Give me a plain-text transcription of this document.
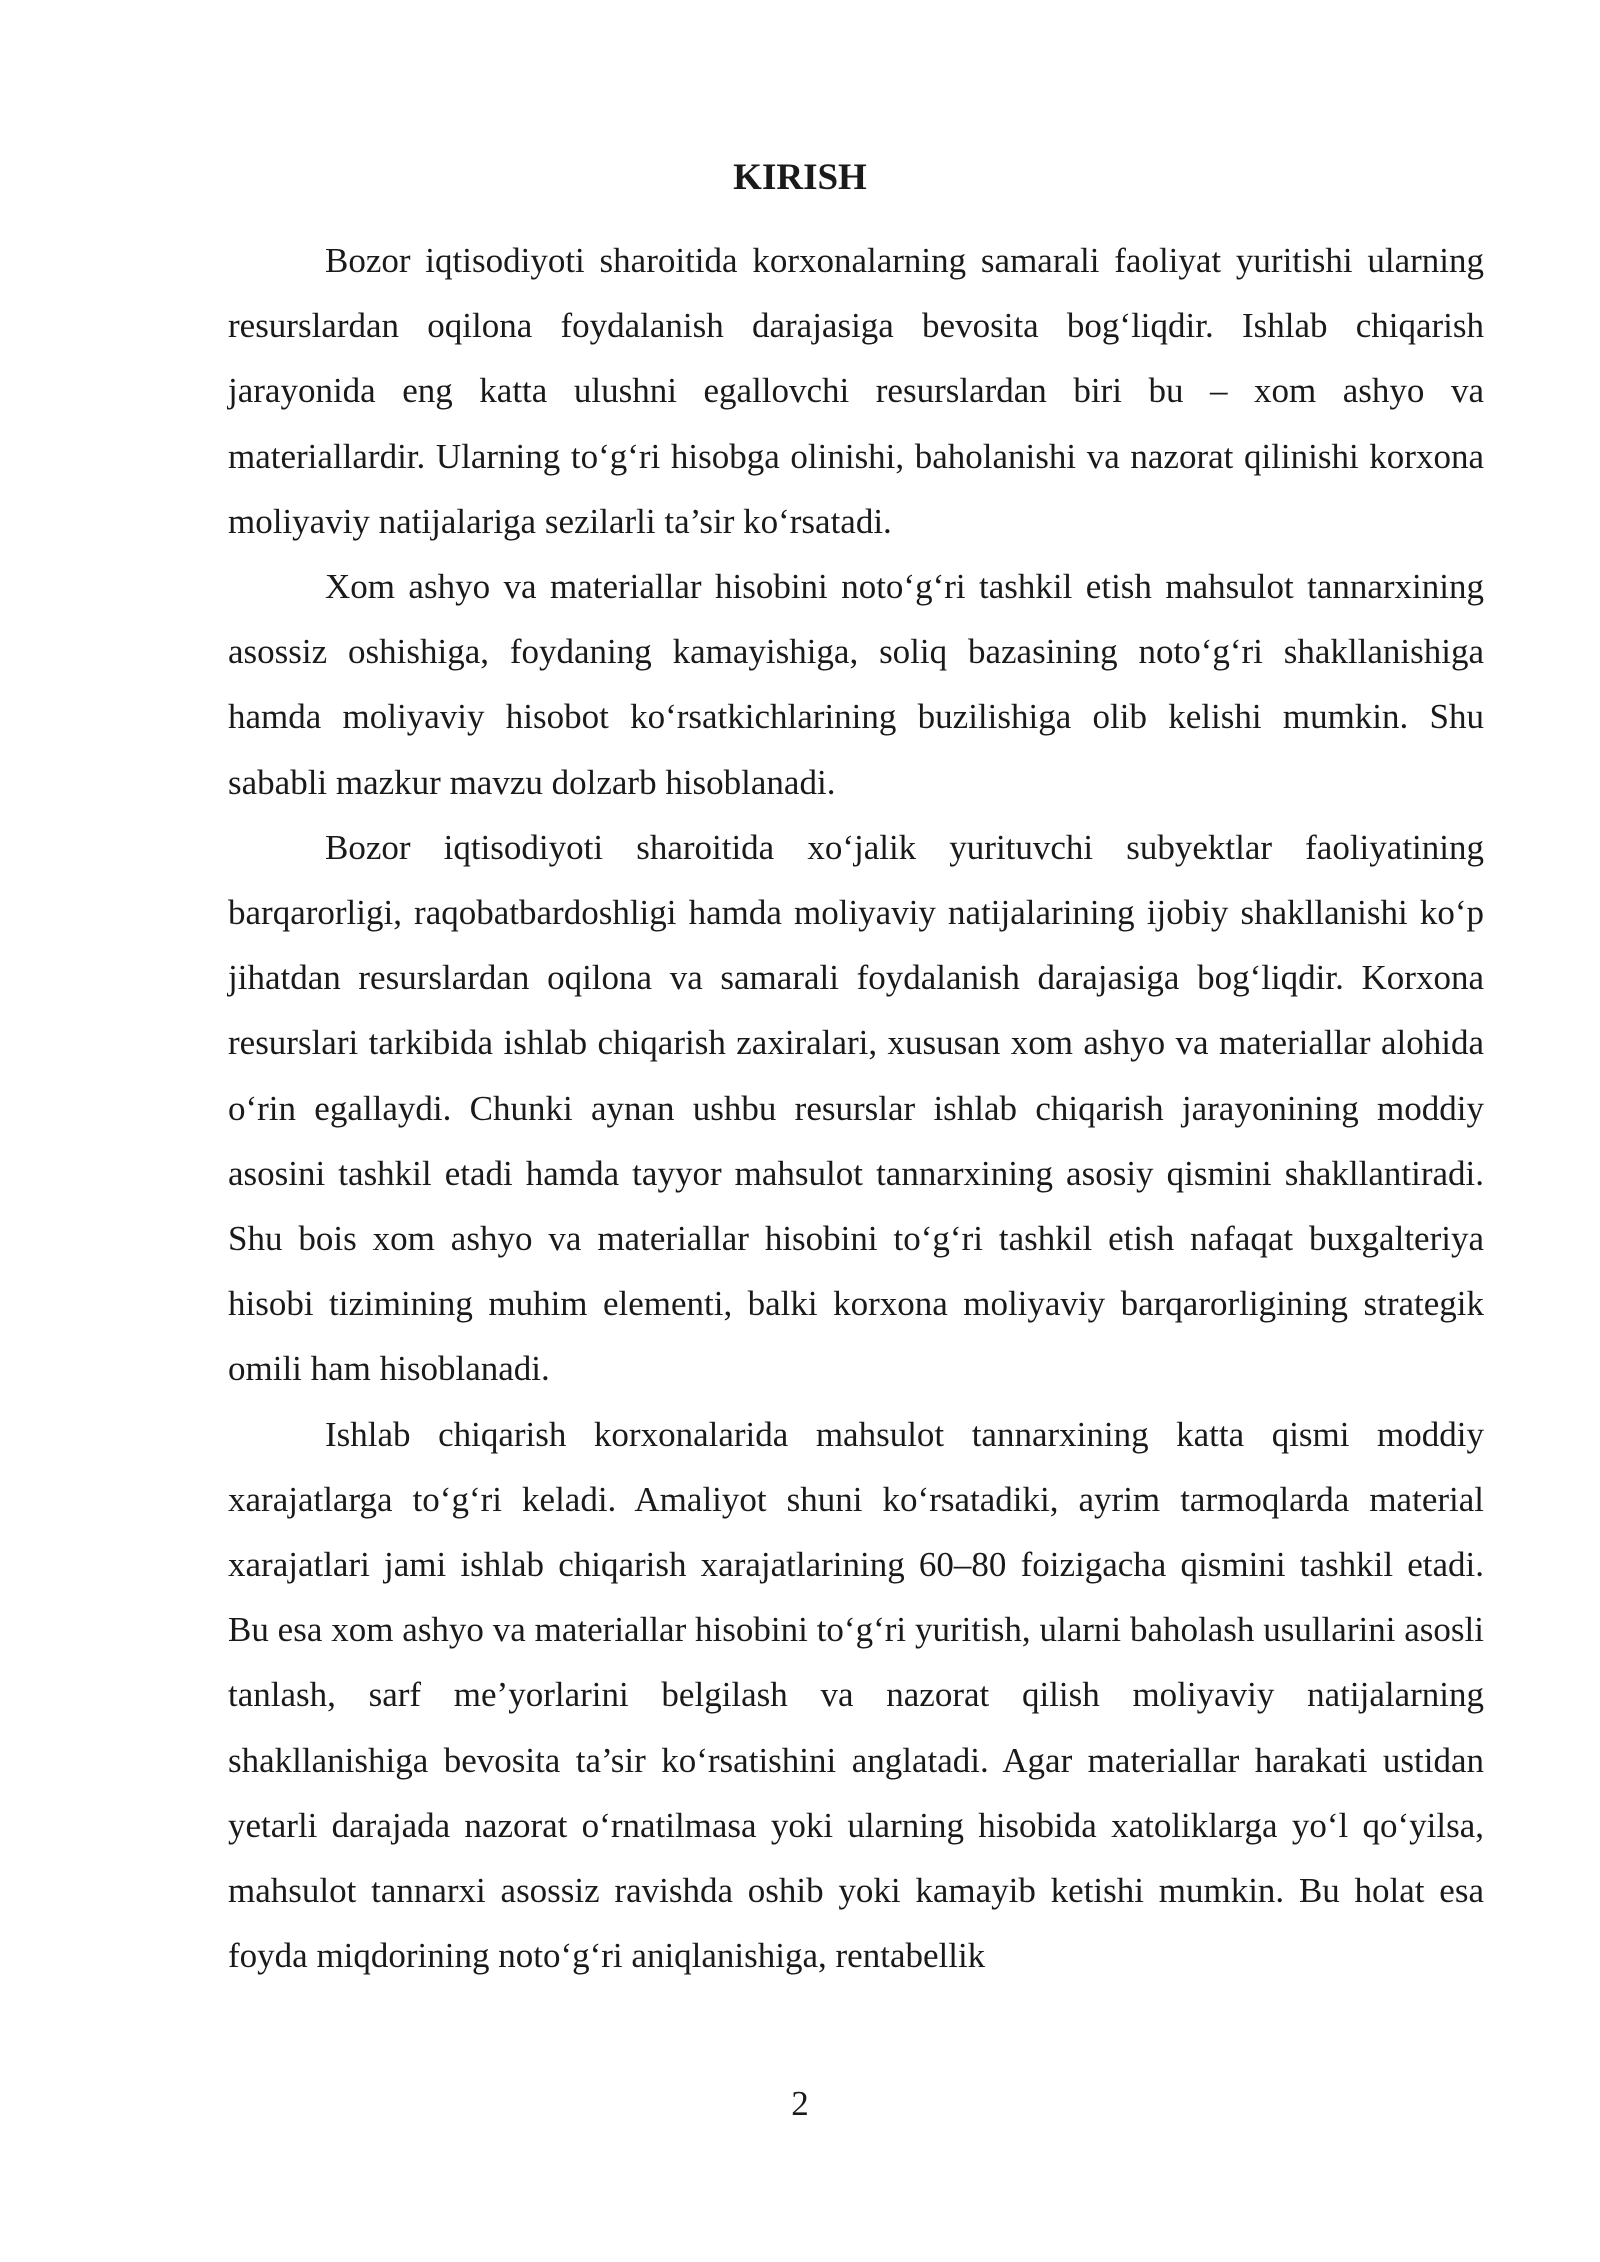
KIRISH

Bozor iqtisodiyoti sharoitida korxonalarning samarali faoliyat yuritishi ularning resurslardan oqilona foydalanish darajasiga bevosita bog‘liqdir. Ishlab chiqarish jarayonida eng katta ulushni egallovchi resurslardan biri bu – xom ashyo va materiallardir. Ularning to‘g‘ri hisobga olinishi, baholanishi va nazorat qilinishi korxona moliyaviy natijalariga sezilarli ta’sir ko‘rsatadi.

Xom ashyo va materiallar hisobini noto‘g‘ri tashkil etish mahsulot tannarxining asossiz oshishiga, foydaning kamayishiga, soliq bazasining noto‘g‘ri shakllanishiga hamda moliyaviy hisobot ko‘rsatkichlarining buzilishiga olib kelishi mumkin. Shu sababli mazkur mavzu dolzarb hisoblanadi.

Bozor iqtisodiyoti sharoitida xo‘jalik yurituvchi subyektlar faoliyatining barqarorligi, raqobatbardoshligi hamda moliyaviy natijalarining ijobiy shakllanishi ko‘p jihatdan resurslardan oqilona va samarali foydalanish darajasiga bog‘liqdir. Korxona resurslari tarkibida ishlab chiqarish zaxiralari, xususan xom ashyo va materiallar alohida o‘rin egallaydi. Chunki aynan ushbu resurslar ishlab chiqarish jarayonining moddiy asosini tashkil etadi hamda tayyor mahsulot tannarxining asosiy qismini shakllantiradi. Shu bois xom ashyo va materiallar hisobini to‘g‘ri tashkil etish nafaqat buxgalteriya hisobi tizimining muhim elementi, balki korxona moliyaviy barqarorligining strategik omili ham hisoblanadi.

Ishlab chiqarish korxonalarida mahsulot tannarxining katta qismi moddiy xarajatlarga to‘g‘ri keladi. Amaliyot shuni ko‘rsatadiki, ayrim tarmoqlarda material xarajatlari jami ishlab chiqarish xarajatlarining 60–80 foizigacha qismini tashkil etadi. Bu esa xom ashyo va materiallar hisobini to‘g‘ri yuritish, ularni baholash usullarini asosli tanlash, sarf me’yorlarini belgilash va nazorat qilish moliyaviy natijalarning shakllanishiga bevosita ta’sir ko‘rsatishini anglatadi. Agar materiallar harakati ustidan yetarli darajada nazorat o‘rnatilmasa yoki ularning hisobida xatoliklarga yo‘l qo‘yilsa, mahsulot tannarxi asossiz ravishda oshib yoki kamayib ketishi mumkin. Bu holat esa foyda miqdorining noto‘g‘ri aniqlanishiga, rentabellik

2
